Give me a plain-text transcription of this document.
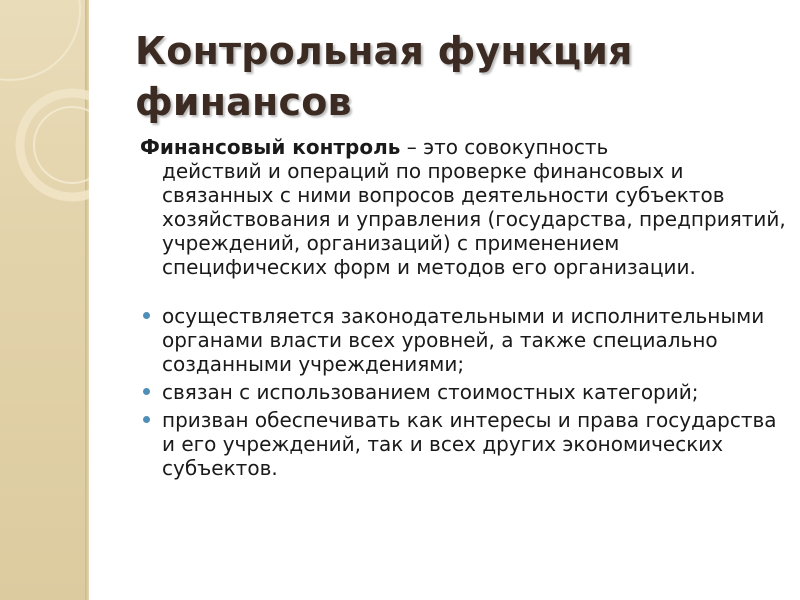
Контрольная функция финансов
Финансовый контроль – это совокупность
действий и операций по проверке финансовых и связанных с ними вопросов деятельности субъектов хозяйствования и управления (государства, предприятий, учреждений, организаций) с применением специфических форм и методов его организации.
осуществляется законодательными и исполнительными органами власти всех уровней, а также специально созданными учреждениями;
связан с использованием стоимостных категорий;
призван обеспечивать как интересы и права государства и его учреждений, так и всех других экономических субъектов.
